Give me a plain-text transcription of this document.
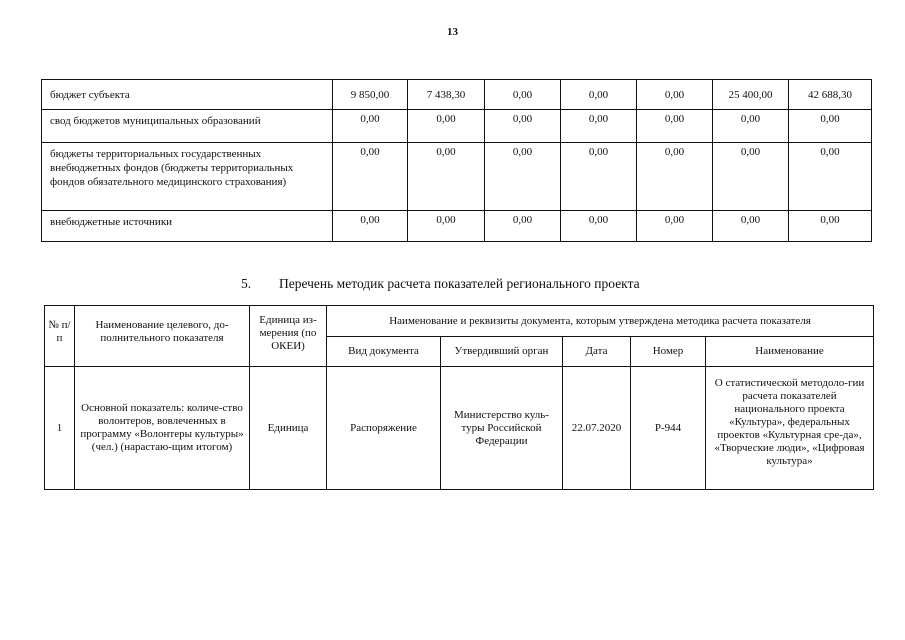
13
бюджет субъекта	9 850,00	7 438,30	0,00	0,00	0,00	25 400,00	42 688,30
свод бюджетов муниципальных образований	0,00	0,00	0,00	0,00	0,00	0,00	0,00
бюджеты территориальных государственных внебюджетных фондов (бюджеты территориальных фондов обязательного медицинского страхования)	0,00	0,00	0,00	0,00	0,00	0,00	0,00
внебюджетные источники	0,00	0,00	0,00	0,00	0,00	0,00	0,00
5. Перечень методик расчета показателей регионального проекта
№ п/п	Наименование целевого, до-полнительного показателя	Единица из-мерения (по ОКЕИ)	Наименование и реквизиты документа, которым утверждена методика расчета показателя				
			Вид документа	Утвердивший орган	Дата	Номер	Наименование
1	Основной показатель: количе-ство волонтеров, вовлеченных в программу «Волонтеры культуры» (чел.) (нарастаю-щим итогом)	Единица	Распоряжение	Министерство куль-туры Российской Федерации	22.07.2020	Р-944	О статистической методоло-гии расчета показателей национального проекта «Культура», федеральных проектов «Культурная сре-да», «Творческие люди», «Цифровая культура»
